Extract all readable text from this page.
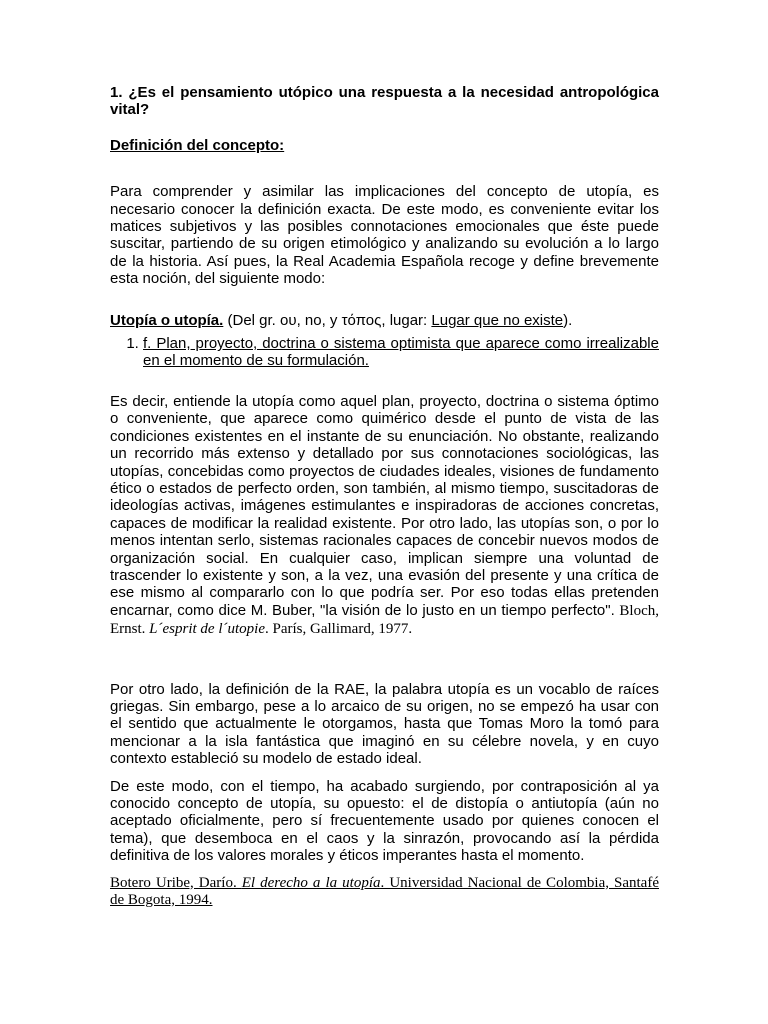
1. ¿Es el pensamiento utópico una respuesta a la necesidad antropológica vital?

Definición del concepto:

Para comprender y asimilar las implicaciones del concepto de utopía, es necesario conocer la definición exacta. De este modo, es conveniente evitar los matices subjetivos y las posibles connotaciones emocionales que éste puede suscitar, partiendo de su origen etimológico y analizando su evolución a lo largo de la historia. Así pues, la Real Academia Española recoge y define brevemente esta noción, del siguiente modo:

Utopía o utopía. (Del gr. ου, no, y τόπος, lugar: Lugar que no existe).

1. f. Plan, proyecto, doctrina o sistema optimista que aparece como irrealizable en el momento de su formulación.

Es decir, entiende la utopía como aquel plan, proyecto, doctrina o sistema óptimo o conveniente, que aparece como quimérico desde el punto de vista de las condiciones existentes en el instante de su enunciación. No obstante, realizando un recorrido más extenso y detallado por sus connotaciones sociológicas, las utopías, concebidas como proyectos de ciudades ideales, visiones de fundamento ético o estados de perfecto orden, son también, al mismo tiempo, suscitadoras de ideologías activas, imágenes estimulantes e inspiradoras de acciones concretas, capaces de modificar la realidad existente. Por otro lado, las utopías son, o por lo menos intentan serlo, sistemas racionales capaces de concebir nuevos modos de organización social. En cualquier caso, implican siempre una voluntad de trascender lo existente y son, a la vez, una evasión del presente y una crítica de ese mismo al compararlo con lo que podría ser. Por eso todas ellas pretenden encarnar, como dice M. Buber, "la visión de lo justo en un tiempo perfecto". Bloch, Ernst. L´esprit de l´utopie. París, Gallimard, 1977.

Por otro lado, la definición de la RAE, la palabra utopía es un vocablo de raíces griegas. Sin embargo, pese a lo arcaico de su origen, no se empezó ha usar con el sentido que actualmente le otorgamos, hasta que Tomas Moro la tomó para mencionar a la isla fantástica que imaginó en su célebre novela, y en cuyo contexto estableció su modelo de estado ideal.

De este modo, con el tiempo, ha acabado surgiendo, por contraposición al ya conocido concepto de utopía, su opuesto: el de distopía o antiutopía (aún no aceptado oficialmente, pero sí frecuentemente usado por quienes conocen el tema), que desemboca en el caos y la sinrazón, provocando así la pérdida definitiva de los valores morales y éticos imperantes hasta el momento.

Botero Uribe, Darío. El derecho a la utopía. Universidad Nacional de Colombia, Santafé de Bogota, 1994.
